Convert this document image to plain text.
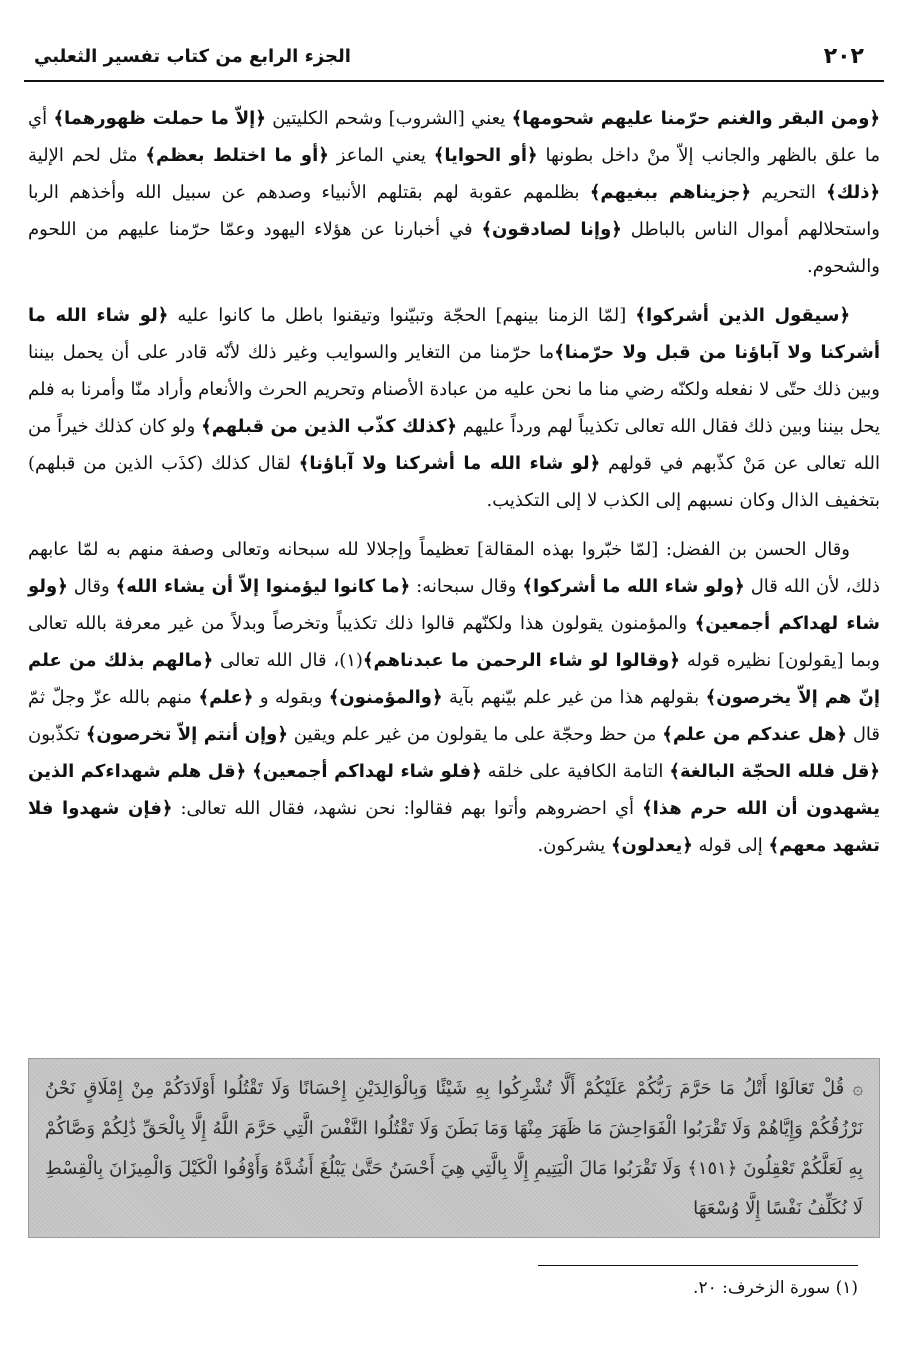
٢٠٢
الجزء الرابع من كتاب تفسير الثعلبي

﴿ومن البقر والغنم حرّمنا عليهم شحومها﴾ يعني [الشروب] وشحم الكليتين ﴿إلاّ ما حملت ظهورهما﴾ أي ما علق بالظهر والجانب إلاّ منْ داخل بطونها ﴿أو الحوايا﴾ يعني الماعز ﴿أو ما اختلط بعظم﴾ مثل لحم الإلية ﴿ذلك﴾ التحريم ﴿جزيناهم ببغيهم﴾ بظلمهم عقوبة لهم بقتلهم الأنبياء وصدهم عن سبيل الله وأخذهم الربا واستحلالهم أموال الناس بالباطل ﴿وإنا لصادقون﴾ في أخبارنا عن هؤلاء اليهود وعمّا حرّمنا عليهم من اللحوم والشحوم.

﴿سيقول الذين أشركوا﴾ [لمّا الزمنا بينهم] الحجّة وتبيّنوا وتيقنوا باطل ما كانوا عليه ﴿لو شاء الله ما أشركنا ولا آباؤنا من قبل ولا حرّمنا﴾ما حرّمنا من التغاير والسوايب وغير ذلك لأنّه قادر على أن يحمل بيننا وبين ذلك حتّى لا نفعله ولكنّه رضي منا ما نحن عليه من عبادة الأصنام وتحريم الحرث والأنعام وأراد منّا وأمرنا به فلم يحل بيننا وبين ذلك فقال الله تعالى تكذيباً لهم ورداً عليهم ﴿كذلك كذّب الذين من قبلهم﴾ ولو كان كذلك خيراً من الله تعالى عن مَنْ كذّبهم في قولهم ﴿لو شاء الله ما أشركنا ولا آباؤنا﴾ لقال كذلك (كذَب الذين من قبلهم) بتخفيف الذال وكان نسبهم إلى الكذب لا إلى التكذيب.

وقال الحسن بن الفضل: [لمّا خبّروا بهذه المقالة] تعظيماً وإجلالا لله سبحانه وتعالى وصفة منهم به لمّا عابهم ذلك، لأن الله قال ﴿ولو شاء الله ما أشركوا﴾ وقال سبحانه: ﴿ما كانوا ليؤمنوا إلاّ أن يشاء الله﴾ وقال ﴿ولو شاء لهداكم أجمعين﴾ والمؤمنون يقولون هذا ولكنّهم قالوا ذلك تكذيباً وتخرصاً وبدلاً من غير معرفة بالله تعالى وبما [يقولون] نظيره قوله ﴿وقالوا لو شاء الرحمن ما عبدناهم﴾(١)، قال الله تعالى ﴿مالهم بذلك من علم إنّ هم إلاّ يخرصون﴾ بقولهم هذا من غير علم بيّنهم بآية ﴿والمؤمنون﴾ وبقوله و ﴿علم﴾ منهم بالله عزّ وجلّ ثمّ قال ﴿هل عندكم من علم﴾ من حظ وحجّة على ما يقولون من غير علم ويقين ﴿وإن أنتم إلاّ تخرصون﴾ تكذّبون ﴿قل فلله الحجّة البالغة﴾ التامة الكافية على خلقه ﴿فلو شاء لهداكم أجمعين﴾ ﴿قل هلم شهداءكم الذين يشهدون أن الله حرم هذا﴾ أي احضروهم وأتوا بهم فقالوا: نحن نشهد، فقال الله تعالى: ﴿فإن شهدوا فلا تشهد معهم﴾ إلى قوله ﴿يعدلون﴾ يشركون.

۞ قُلْ تَعَالَوْا أَتْلُ مَا حَرَّمَ رَبُّكُمْ عَلَيْكُمْ أَلَّا تُشْرِكُوا بِهِ شَيْئًا وَبِالْوَالِدَيْنِ إِحْسَانًا وَلَا تَقْتُلُوا أَوْلَادَكُمْ مِنْ إِمْلَاقٍ نَحْنُ نَرْزُقُكُمْ وَإِيَّاهُمْ وَلَا تَقْرَبُوا الْفَوَاحِشَ مَا ظَهَرَ مِنْهَا وَمَا بَطَنَ وَلَا تَقْتُلُوا النَّفْسَ الَّتِي حَرَّمَ اللَّهُ إِلَّا بِالْحَقِّ ذَٰلِكُمْ وَصَّاكُمْ بِهِ لَعَلَّكُمْ تَعْقِلُونَ ﴿١٥١﴾ وَلَا تَقْرَبُوا مَالَ الْيَتِيمِ إِلَّا بِالَّتِي هِيَ أَحْسَنُ حَتَّىٰ يَبْلُغَ أَشُدَّهُ وَأَوْفُوا الْكَيْلَ وَالْمِيزَانَ بِالْقِسْطِ لَا نُكَلِّفُ نَفْسًا إِلَّا وُسْعَهَا
(١) سورة الزخرف: ٢٠.
